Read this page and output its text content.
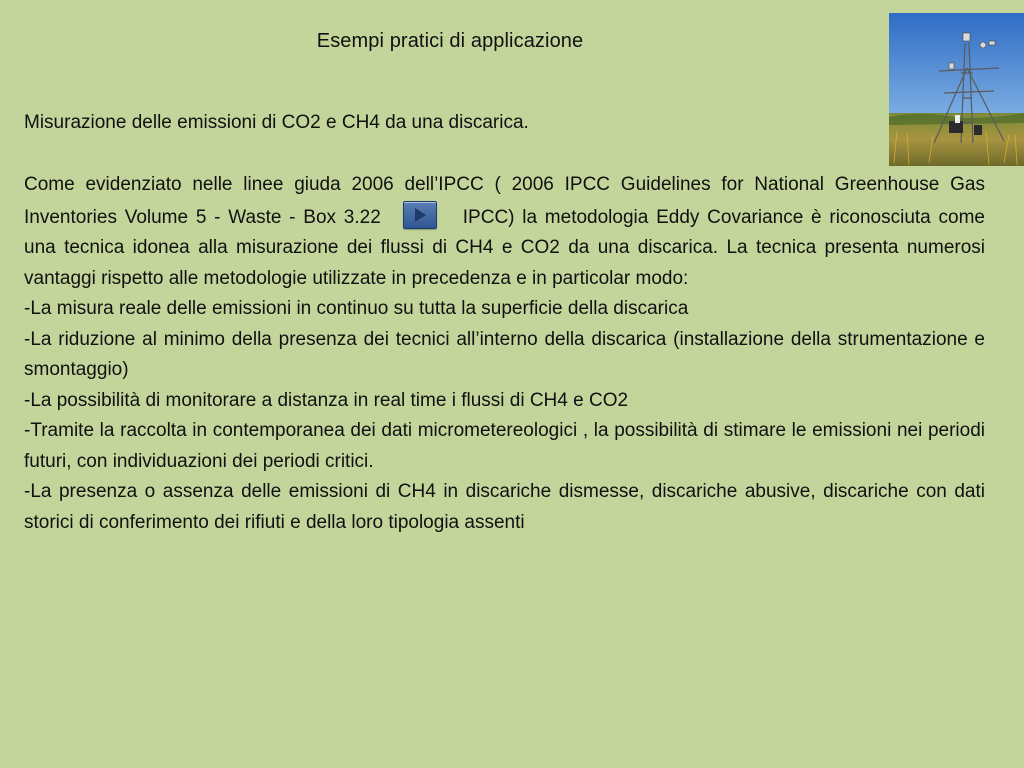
Esempi pratici di applicazione
Misurazione delle emissioni di CO2 e CH4 da una discarica.

Come evidenziato nelle linee giuda 2006 dell’IPCC ( 2006 IPCC Guidelines for National Greenhouse Gas Inventories Volume 5 - Waste - Box 3.22	IPCC) la metodologia Eddy Covariance è riconosciuta come una tecnica idonea alla misurazione dei flussi di CH4 e CO2 da una discarica. La tecnica presenta numerosi vantaggi rispetto alle metodologie utilizzate in precedenza e in particolar modo:

-La misura reale delle emissioni in continuo su tutta la superficie della discarica

-La riduzione al minimo della presenza dei tecnici all’interno della discarica (installazione della strumentazione e smontaggio)

-La possibilità di monitorare a distanza in real time i flussi di CH4 e CO2

-Tramite la raccolta in contemporanea dei dati micrometereologici , la possibilità di stimare le emissioni nei periodi futuri, con individuazioni dei periodi critici.

-La presenza o assenza delle emissioni di CH4 in discariche dismesse, discariche abusive, discariche con dati storici di conferimento dei rifiuti e della loro tipologia assenti
